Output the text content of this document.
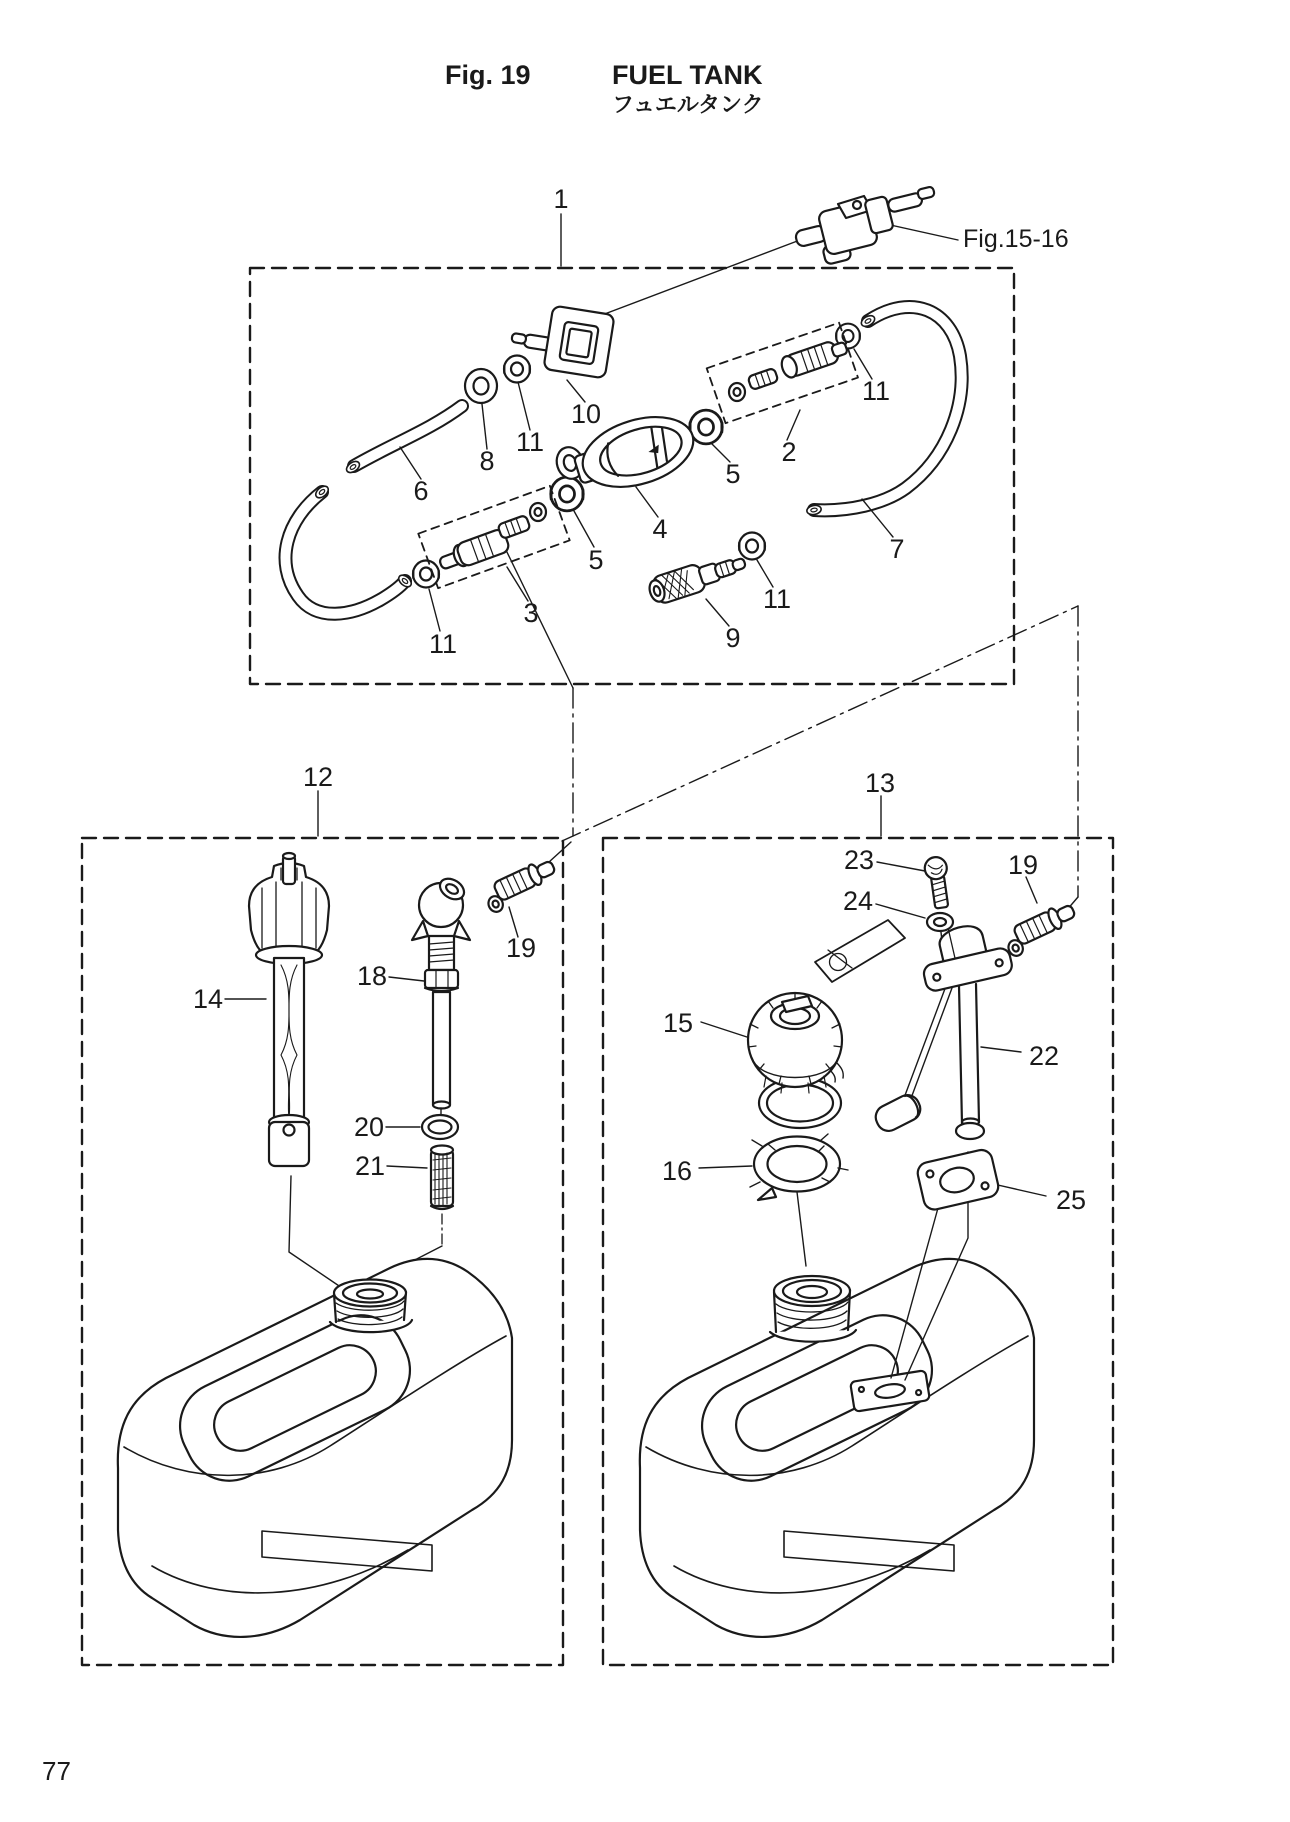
Fig. 19	FUEL TANK
フュエルタンク
Fig.15-16
77
1
6
8
11
10
5
2
11
4
5
3
11	9
11
7
12	13
14
18
19
20
21
23
24
19
15
22
16
25
